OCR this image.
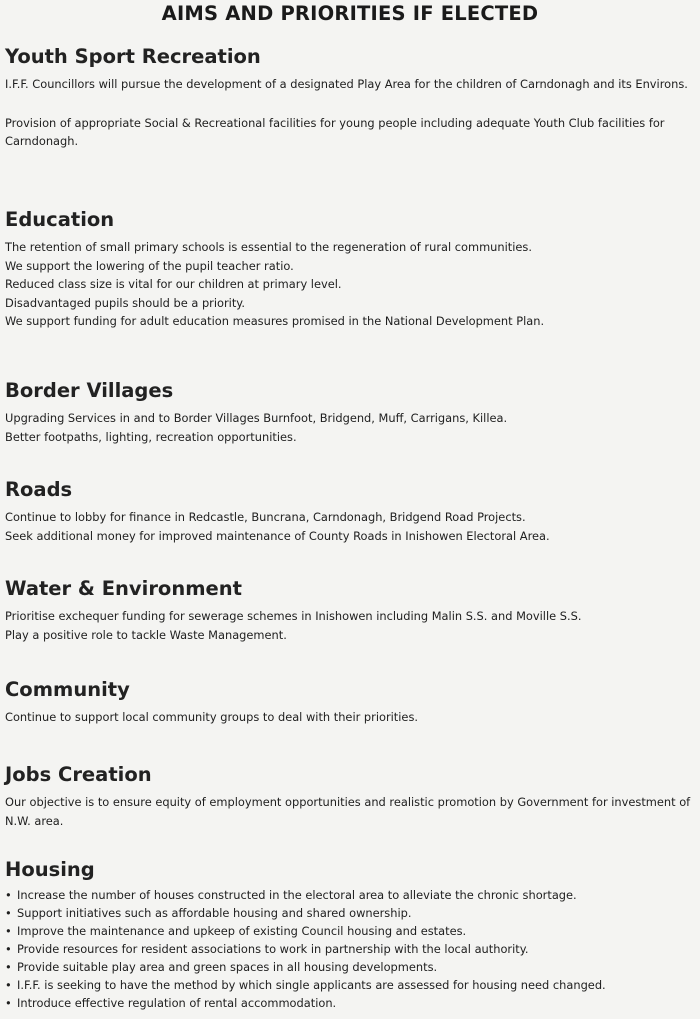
AIMS AND PRIORITIES IF ELECTED
Youth Sport Recreation

I.F.F. Councillors will pursue the development of a designated Play Area for the children of Carndonagh and its Environs.

Provision of appropriate Social & Recreational facilities for young people including adequate Youth Club facilities for Carndonagh.

Education
The retention of small primary schools is essential to the regeneration of rural communities.
We support the lowering of the pupil teacher ratio.
Reduced class size is vital for our children at primary level.
Disadvantaged pupils should be a priority.
We support funding for adult education measures promised in the National Development Plan.
Border Villages
Upgrading Services in and to Border Villages Burnfoot, Bridgend, Muff, Carrigans, Killea.
Better footpaths, lighting, recreation opportunities.
Roads
Continue to lobby for finance in Redcastle, Buncrana, Carndonagh, Bridgend Road Projects.
Seek additional money for improved maintenance of County Roads in Inishowen Electoral Area.
Water & Environment
Prioritise exchequer funding for sewerage schemes in Inishowen including Malin S.S. and Moville S.S.
Play a positive role to tackle Waste Management.
Community
Continue to support local community groups to deal with their priorities.
Jobs Creation

Our objective is to ensure equity of employment opportunities and realistic promotion by Government for investment of N.W. area.

Housing
• Increase the number of houses constructed in the electoral area to alleviate the chronic shortage.
• Support initiatives such as affordable housing and shared ownership.
• Improve the maintenance and upkeep of existing Council housing and estates.
• Provide resources for resident associations to work in partnership with the local authority.
• Provide suitable play area and green spaces in all housing developments.
• I.F.F. is seeking to have the method by which single applicants are assessed for housing need changed.
• Introduce effective regulation of rental accommodation.
